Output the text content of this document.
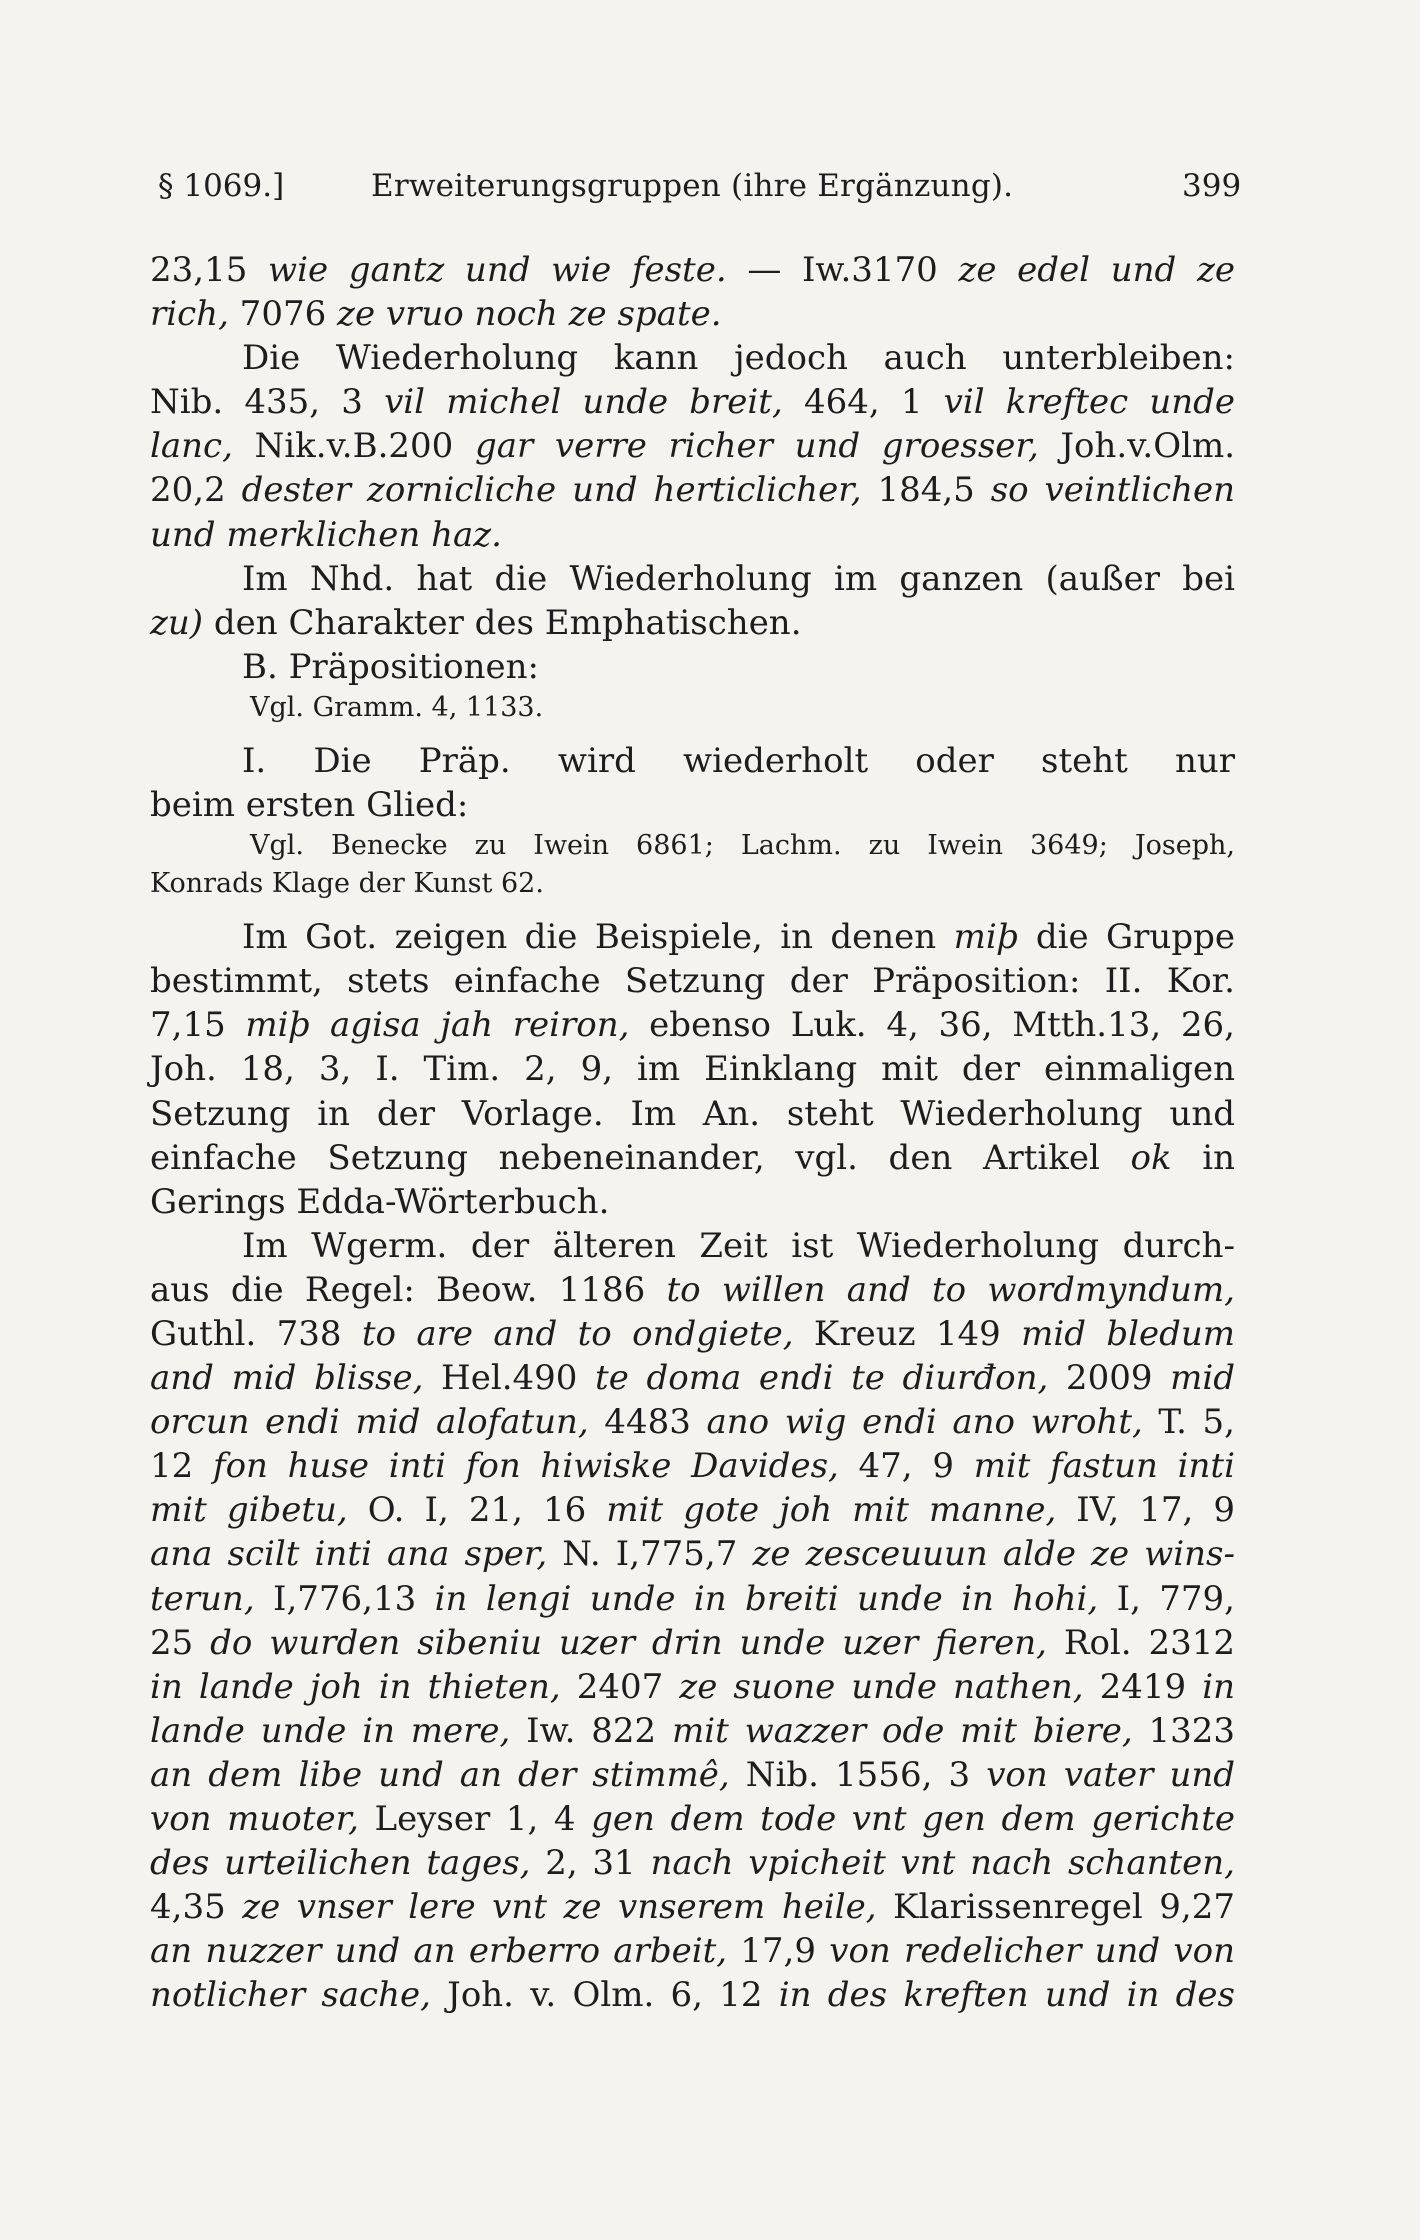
§ 1069.]	Erweiterungsgruppen (ihre Ergänzung).	399
23,15 wie gantz und wie feste. — Iw.3170 ze edel und ze
rich, 7076 ze vruo noch ze spate.
Die Wiederholung kann jedoch auch unterbleiben:
Nib. 435, 3 vil michel unde breit, 464, 1 vil kreftec unde
lanc, Nik.v.B.200 gar verre richer und groesser, Joh.v.Olm.
20,2 dester zornicliche und herticlicher, 184,5 so veintlichen
und merklichen haz.
Im Nhd. hat die Wiederholung im ganzen (außer bei
zu) den Charakter des Emphatischen.
B. Präpositionen:
Vgl. Gramm. 4, 1133.
I. Die Präp. wird wiederholt oder steht nur
beim ersten Glied:
Vgl. Benecke zu Iwein 6861; Lachm. zu Iwein 3649; Joseph,
Konrads Klage der Kunst 62.
Im Got. zeigen die Beispiele, in denen miþ die Gruppe
bestimmt, stets einfache Setzung der Präposition: II. Kor.
7,15 miþ agisa jah reiron, ebenso Luk. 4, 36, Mtth.13, 26,
Joh. 18, 3, I. Tim. 2, 9, im Einklang mit der einmaligen
Setzung in der Vorlage. Im An. steht Wiederholung und
einfache Setzung nebeneinander, vgl. den Artikel ok in
Gerings Edda-Wörterbuch.
Im Wgerm. der älteren Zeit ist Wiederholung durch-
aus die Regel: Beow. 1186 to willen and to wordmyndum,
Guthl. 738 to are and to ondgiete, Kreuz 149 mid bledum
and mid blisse, Hel.490 te doma endi te diurđon, 2009 mid
orcun endi mid alofatun, 4483 ano wig endi ano wroht, T. 5,
12 fon huse inti fon hiwiske Davides, 47, 9 mit fastun inti
mit gibetu, O. I, 21, 16 mit gote joh mit manne, IV, 17, 9
ana scilt inti ana sper, N. I,775,7 ze zesceuuun alde ze wins-
terun, I,776,13 in lengi unde in breiti unde in hohi, I, 779,
25 do wurden sibeniu uzer drin unde uzer fieren, Rol. 2312
in lande joh in thieten, 2407 ze suone unde nathen, 2419 in
lande unde in mere, Iw. 822 mit wazzer ode mit biere, 1323
an dem libe und an der stimmê, Nib. 1556, 3 von vater und
von muoter, Leyser 1, 4 gen dem tode vnt gen dem gerichte
des urteilichen tages, 2, 31 nach vpicheit vnt nach schanten,
4,35 ze vnser lere vnt ze vnserem heile, Klarissenregel 9,27
an nuzzer und an erberro arbeit, 17,9 von redelicher und von
notlicher sache, Joh. v. Olm. 6, 12 in des kreften und in des
